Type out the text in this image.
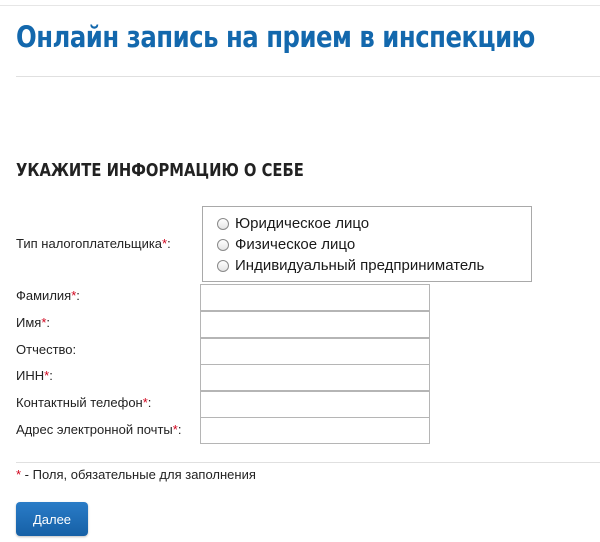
Онлайн запись на прием в инспекцию
УКАЖИТЕ ИНФОРМАЦИЮ О СЕБЕ
Тип налогоплательщика*:
Юридическое лицо
Физическое лицо
Индивидуальный предприниматель
Фамилия*:
Имя*:
Отчество:
ИНН*:
Контактный телефон*:
Адрес электронной почты*:
* - Поля, обязательные для заполнения
Далее
